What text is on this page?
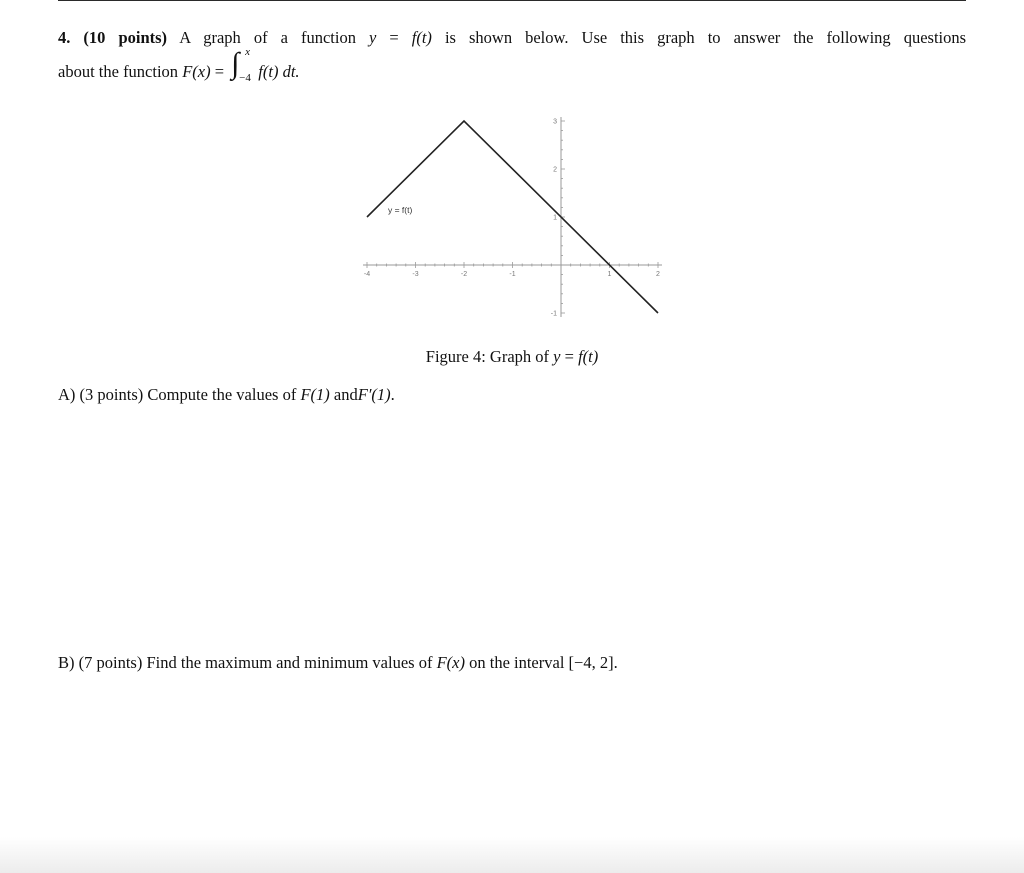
4. (10 points) A graph of a function y = f(t) is shown below. Use this graph to answer the following questions
about the function F(x) = ∫ x
−4 f(t) dt.
-4	-3	-2	-1	1	2
3
2
1
-1
y = f(t)
Figure 4: Graph of y = f(t)
A) (3 points) Compute the values of F(1) andF′(1).
B) (7 points) Find the maximum and minimum values of F(x) on the interval [−4, 2].
